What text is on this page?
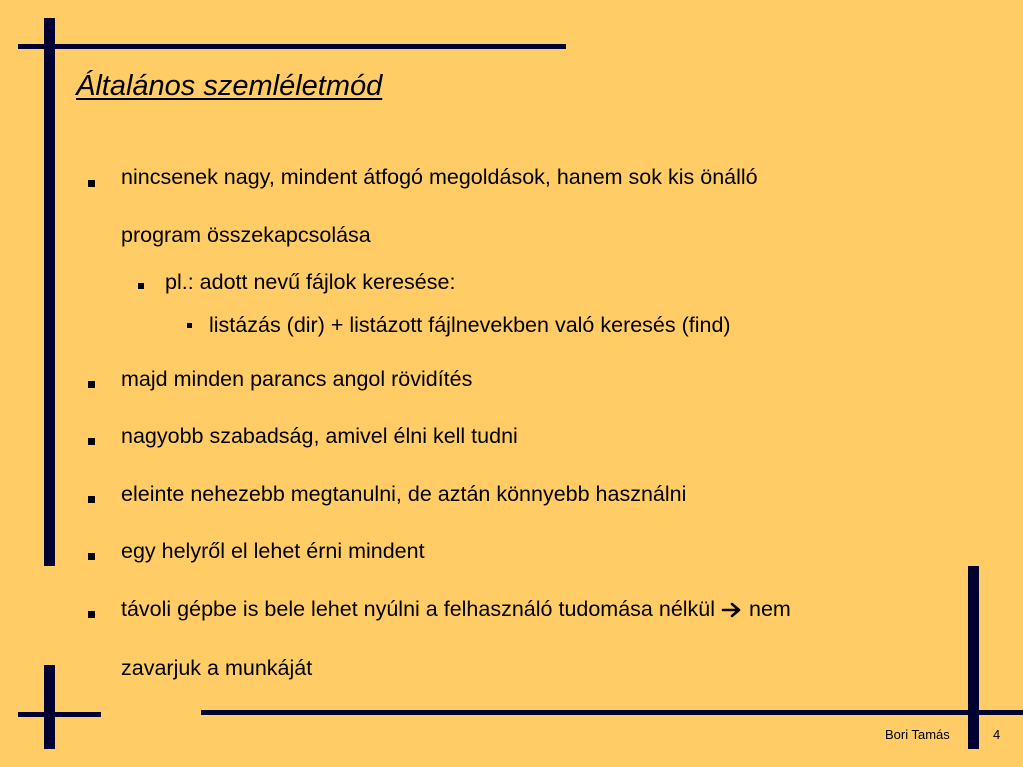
Általános szemléletmód
nincsenek nagy, mindent átfogó megoldások, hanem sok kis önálló
program összekapcsolása
pl.: adott nevű fájlok keresése:
listázás (dir) + listázott fájlnevekben való keresés (find)
majd minden parancs angol rövidítés
nagyobb szabadság, amivel élni kell tudni
eleinte nehezebb megtanulni, de aztán könnyebb használni
egy helyről el lehet érni mindent
távoli gépbe is bele lehet nyúlni a felhasználó tudomása nélkül nem
zavarjuk a munkáját
Bori Tamás	4
